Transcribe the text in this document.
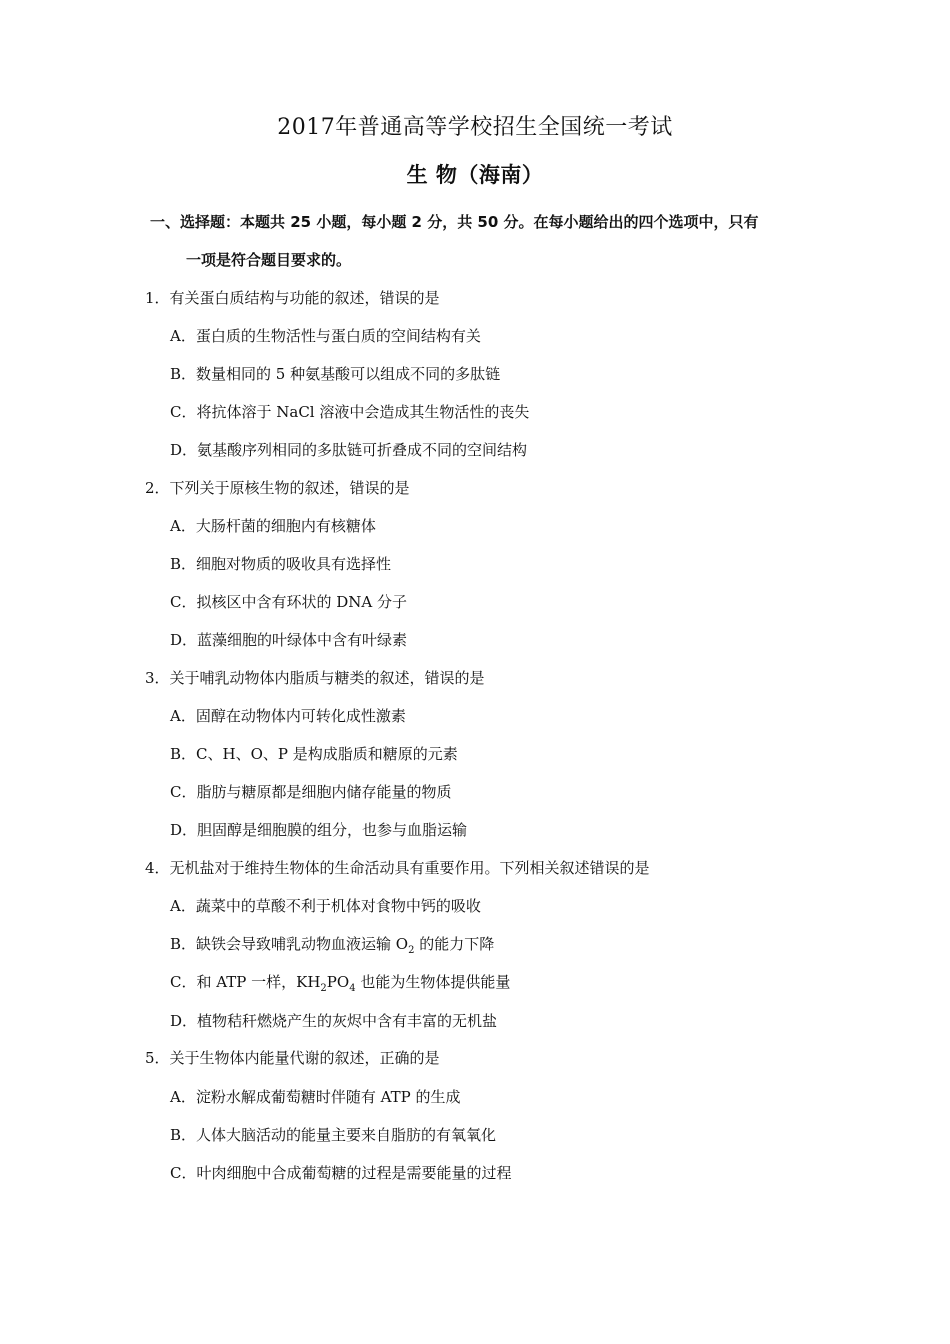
2017年普通高等学校招生全国统一考试
生 物（海南）
一、选择题：本题共 25 小题，每小题 2 分，共 50 分。在每小题给出的四个选项中，只有
一项是符合题目要求的。
1．有关蛋白质结构与功能的叙述，错误的是
A．蛋白质的生物活性与蛋白质的空间结构有关
B．数量相同的 5 种氨基酸可以组成不同的多肽链
C．将抗体溶于 NaCl 溶液中会造成其生物活性的丧失
D．氨基酸序列相同的多肽链可折叠成不同的空间结构
2．下列关于原核生物的叙述，错误的是
A．大肠杆菌的细胞内有核糖体
B．细胞对物质的吸收具有选择性
C．拟核区中含有环状的 DNA 分子
D．蓝藻细胞的叶绿体中含有叶绿素
3．关于哺乳动物体内脂质与糖类的叙述，错误的是
A．固醇在动物体内可转化成性激素
B．C、H、O、P 是构成脂质和糖原的元素
C．脂肪与糖原都是细胞内储存能量的物质
D．胆固醇是细胞膜的组分，也参与血脂运输
4．无机盐对于维持生物体的生命活动具有重要作用。下列相关叙述错误的是
A．蔬菜中的草酸不利于机体对食物中钙的吸收
B．缺铁会导致哺乳动物血液运输 $O_2$ 的能力下降
C．和 ATP 一样，$KH_2PO_4$ 也能为生物体提供能量
D．植物秸秆燃烧产生的灰烬中含有丰富的无机盐
5．关于生物体内能量代谢的叙述，正确的是
A．淀粉水解成葡萄糖时伴随有 ATP 的生成
B．人体大脑活动的能量主要来自脂肪的有氧氧化
C．叶肉细胞中合成葡萄糖的过程是需要能量的过程
